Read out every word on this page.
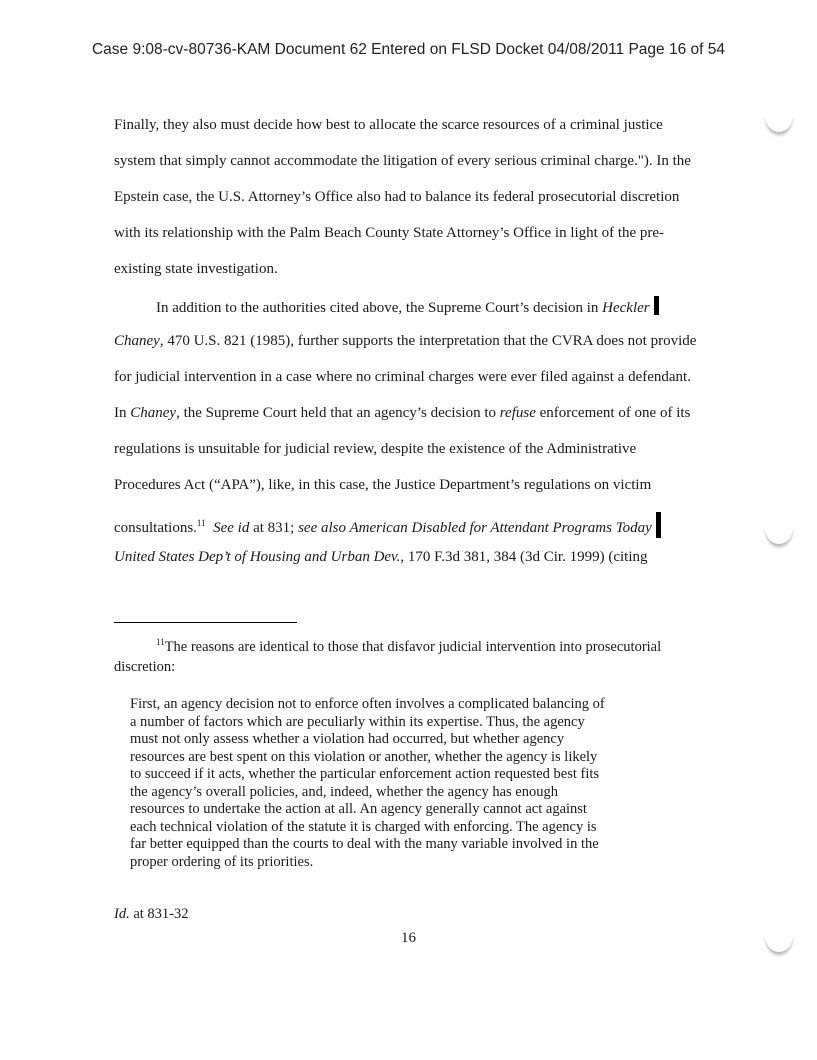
Case 9:08-cv-80736-KAM Document 62 Entered on FLSD Docket 04/08/2011 Page 16 of 54
Finally, they also must decide how best to allocate the scarce resources of a criminal justice
system that simply cannot accommodate the litigation of every serious criminal charge."). In the
Epstein case, the U.S. Attorney’s Office also had to balance its federal prosecutorial discretion
with its relationship with the Palm Beach County State Attorney’s Office in light of the pre-
existing state investigation.
In addition to the authorities cited above, the Supreme Court’s decision in Heckler
Chaney, 470 U.S. 821 (1985), further supports the interpretation that the CVRA does not provide
for judicial intervention in a case where no criminal charges were ever filed against a defendant.
In Chaney, the Supreme Court held that an agency’s decision to refuse enforcement of one of its
regulations is unsuitable for judicial review, despite the existence of the Administrative
Procedures Act (“APA”), like, in this case, the Justice Department’s regulations on victim
consultations.$^{11}$ See id at 831; see also American Disabled for Attendant Programs Today
United States Dep’t of Housing and Urban Dev., 170 F.3d 381, 384 (3d Cir. 1999) (citing
$^{11}$The reasons are identical to those that disfavor judicial intervention into prosecutorial
discretion:
First, an agency decision not to enforce often involves a complicated balancing of
a number of factors which are peculiarly within its expertise. Thus, the agency
must not only assess whether a violation had occurred, but whether agency
resources are best spent on this violation or another, whether the agency is likely
to succeed if it acts, whether the particular enforcement action requested best fits
the agency’s overall policies, and, indeed, whether the agency has enough
resources to undertake the action at all. An agency generally cannot act against
each technical violation of the statute it is charged with enforcing. The agency is
far better equipped than the courts to deal with the many variable involved in the
proper ordering of its priorities.
Id. at 831-32
16
